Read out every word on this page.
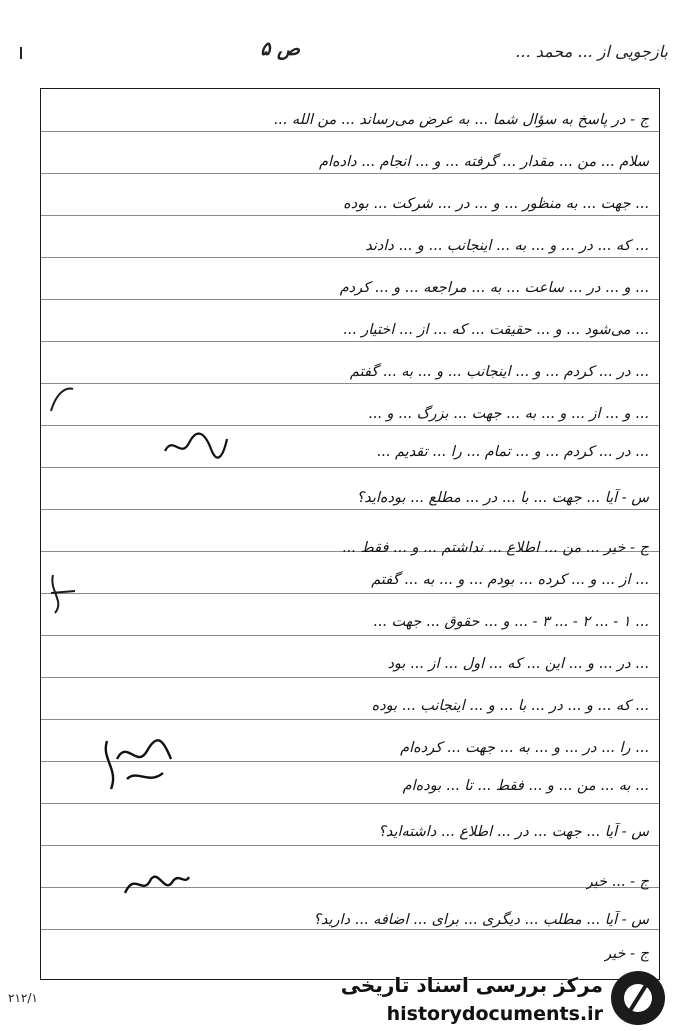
بازجویی از ... محمد ...
ص ۵
ج - در پاسخ به سؤال شما ... به عرض می‌رساند ... من الله ...
سلام ... من ... مقدار ... گرفته ... و ... انجام ... داده‌ام
... جهت ... به منظور ... و ... در ... شرکت ... بوده
... که ... در ... و ... به ... اینجانب ... و ... دادند
... و ... در ... ساعت ... به ... مراجعه ... و ... کردم
... می‌شود ... و ... حقیقت ... که ... از ... اختیار ...
... در ... کردم ... و ... اینجانب ... و ... به ... گفتم
... و ... از ... و ... به ... جهت ... بزرگ ... و ...
... در ... کردم ... و ... تمام ... را ... تقدیم ...
س - آیا ... جهت ... با ... در ... مطلع ... بوده‌اید؟
ج - خیر ... من ... اطلاع ... نداشتم ... و ... فقط ...
... از ... و ... کرده ... بودم ... و ... به ... گفتم
... ۱ - ... ۲ - ... ۳ - ... و ... حقوق ... جهت ...
... در ... و ... این ... که ... اول ... از ... بود
... که ... و ... در ... با ... و ... اینجانب ... بوده
... را ... در ... و ... به ... جهت ... کرده‌ام
... به ... من ... و ... فقط ... تا ... بوده‌ام
س - آیا ... جهت ... در ... اطلاع ... داشته‌اید؟
ج - ... خیر
س - آیا ... مطلب ... دیگری ... برای ... اضافه ... دارید؟
ج - خیر
مرکز بررسی اسناد تاریخی
historydocuments.ir
۲۱۲/۱
